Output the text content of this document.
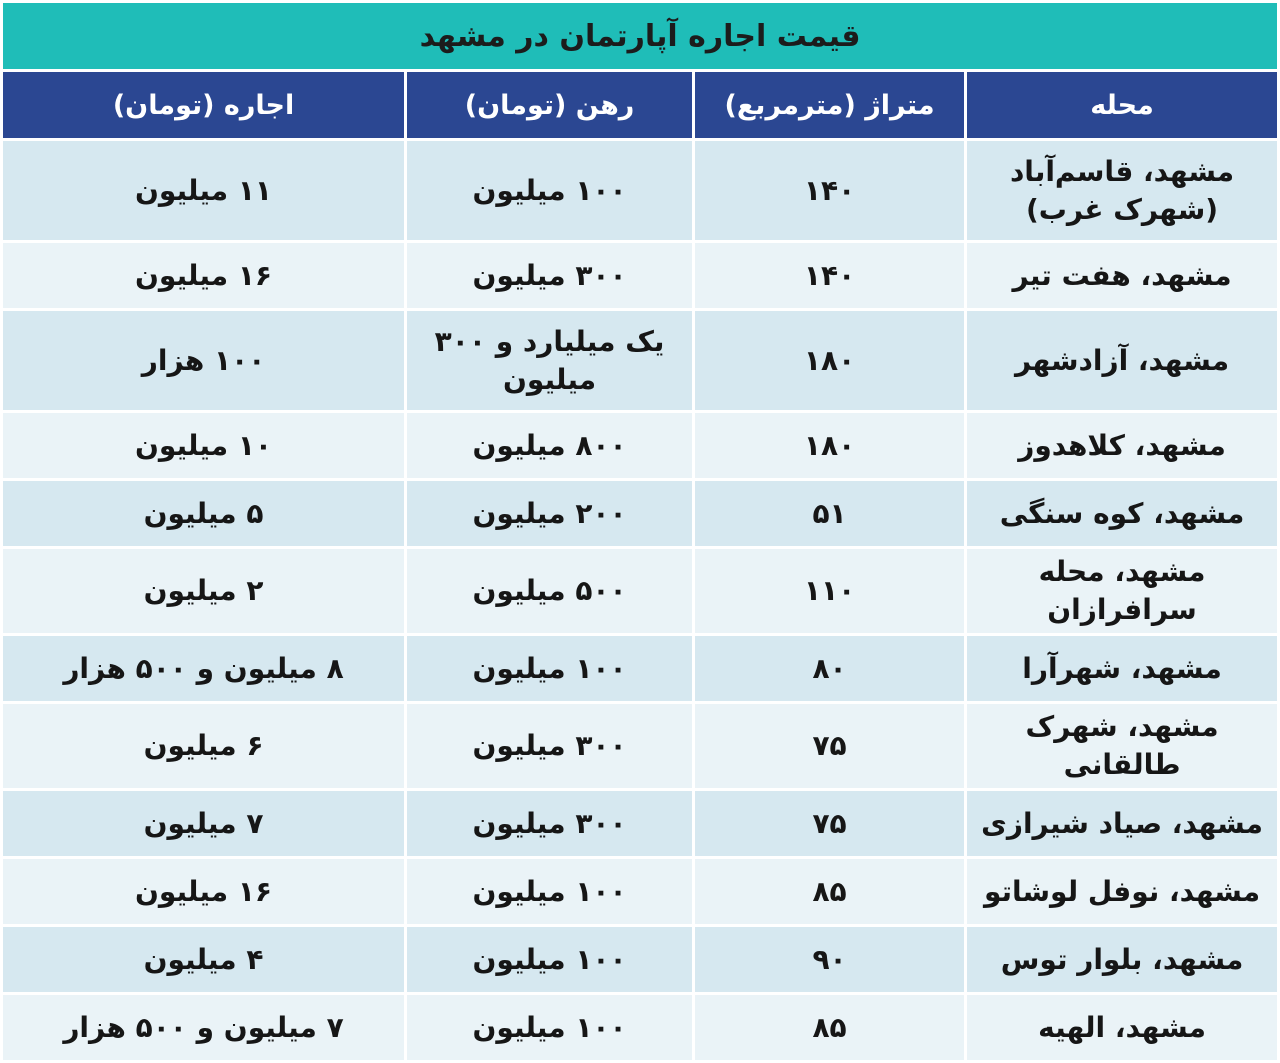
قیمت اجاره آپارتمان در مشهد			
محله	متراژ (مترمربع)	رهن (تومان)	اجاره (تومان)
مشهد، قاسم‌آباد (شهرک غرب)	۱۴۰	۱۰۰ میلیون	۱۱ میلیون
مشهد، هفت تیر	۱۴۰	۳۰۰ میلیون	۱۶ میلیون
مشهد، آزادشهر	۱۸۰	یک میلیارد و ۳۰۰ میلیون	۱۰۰ هزار
مشهد، کلاهدوز	۱۸۰	۸۰۰ میلیون	۱۰ میلیون
مشهد، کوه سنگی	۵۱	۲۰۰ میلیون	۵ میلیون
مشهد، محله سرافرازان	۱۱۰	۵۰۰ میلیون	۲ میلیون
مشهد، شهرآرا	۸۰	۱۰۰ میلیون	۸ میلیون و ۵۰۰ هزار
مشهد، شهرک طالقانی	۷۵	۳۰۰ میلیون	۶ میلیون
مشهد، صیاد شیرازی	۷۵	۳۰۰ میلیون	۷ میلیون
مشهد، نوفل لوشاتو	۸۵	۱۰۰ میلیون	۱۶ میلیون
مشهد، بلوار توس	۹۰	۱۰۰ میلیون	۴ میلیون
مشهد، الهیه	۸۵	۱۰۰ میلیون	۷ میلیون و ۵۰۰ هزار
